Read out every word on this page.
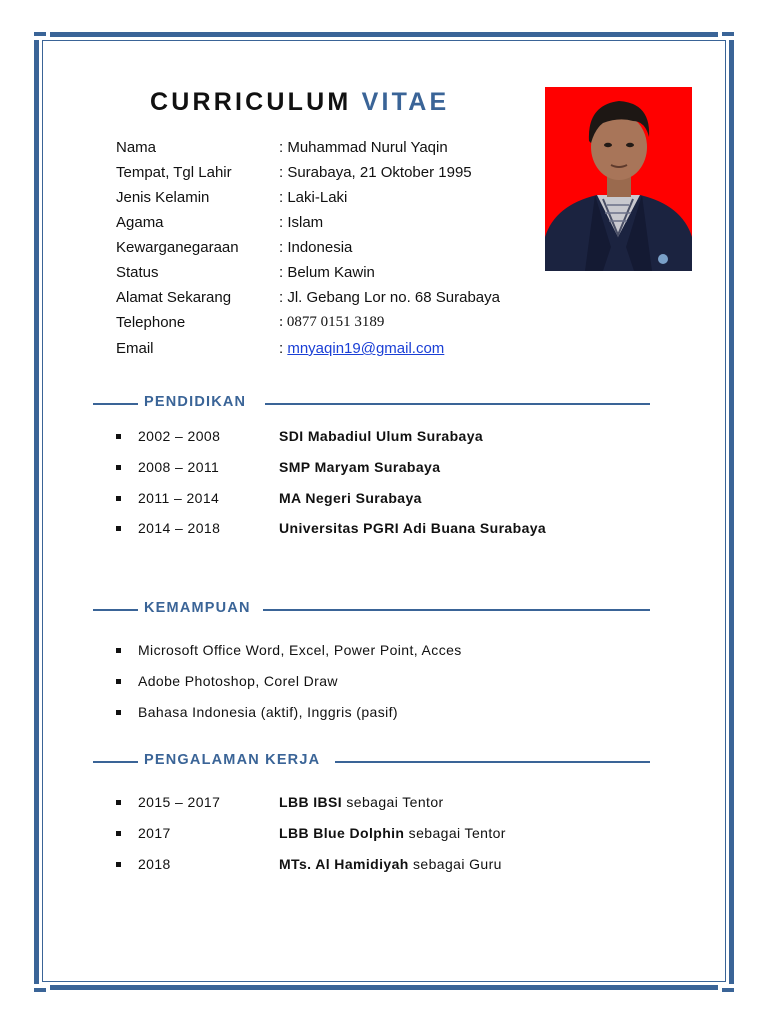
CURRICULUM VITAE
Nama	: Muhammad Nurul Yaqin
Tempat, Tgl Lahir	: Surabaya, 21 Oktober 1995
Jenis Kelamin	: Laki-Laki
Agama	: Islam
Kewarganegaraan	: Indonesia
Status	: Belum Kawin
Alamat Sekarang	: Jl. Gebang Lor no. 68 Surabaya
Telephone	: 0877 0151 3189
Email	: mnyaqin19@gmail.com
PENDIDIKAN
2002 – 2008	SDI Mabadiul Ulum Surabaya
2008 – 2011	SMP Maryam Surabaya
2011 – 2014	MA Negeri Surabaya
2014 – 2018	Universitas PGRI Adi Buana Surabaya
KEMAMPUAN
Microsoft Office Word, Excel, Power Point, Acces
Adobe Photoshop, Corel Draw
Bahasa Indonesia (aktif), Inggris (pasif)
PENGALAMAN KERJA
2015 – 2017	LBB IBSI sebagai Tentor
2017	LBB Blue Dolphin sebagai Tentor
2018	MTs. Al Hamidiyah sebagai Guru
